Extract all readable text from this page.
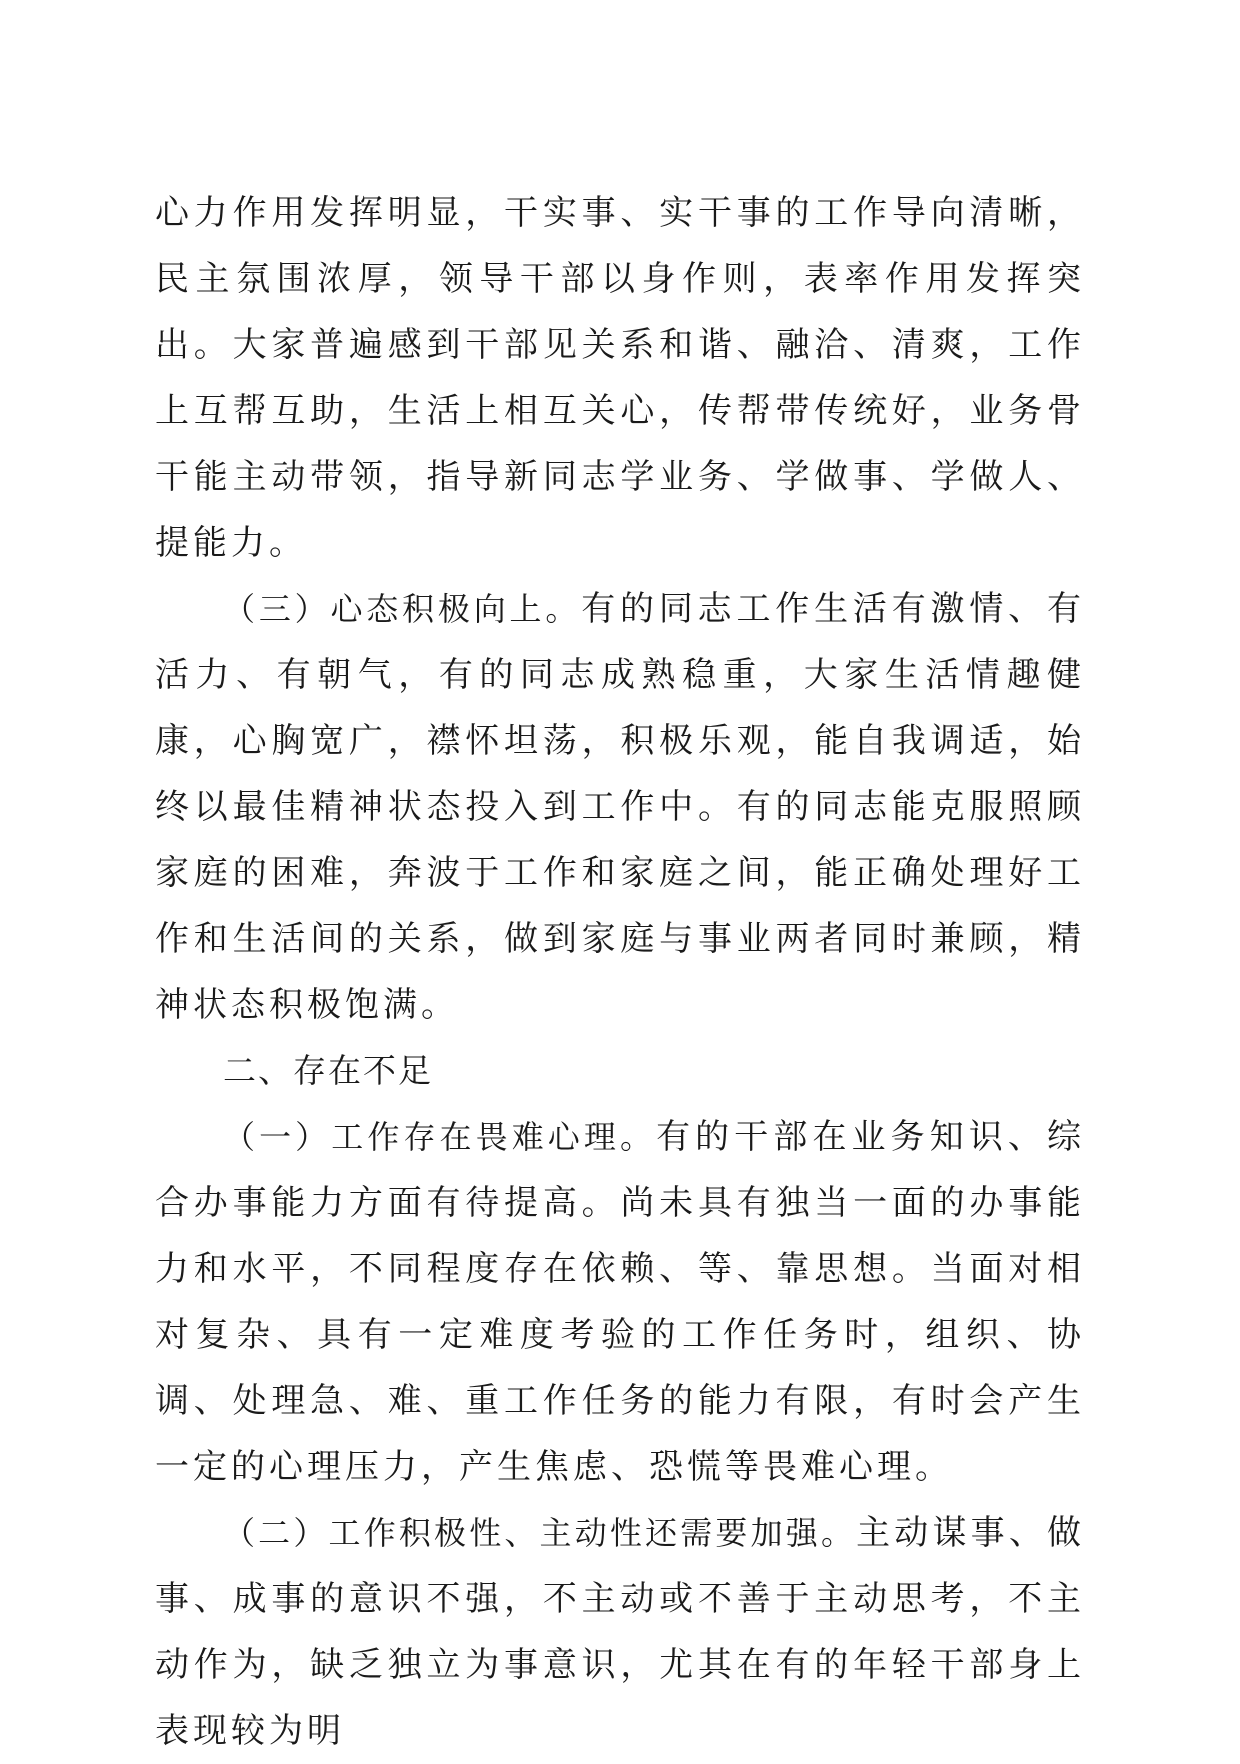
心力作用发挥明显，干实事、实干事的工作导向清晰，民主氛围浓厚，领导干部以身作则，表率作用发挥突出。大家普遍感到干部见关系和谐、融洽、清爽，工作上互帮互助，生活上相互关心，传帮带传统好，业务骨干能主动带领，指导新同志学业务、学做事、学做人、提能力。

（三）心态积极向上。有的同志工作生活有激情、有活力、有朝气，有的同志成熟稳重，大家生活情趣健康，心胸宽广，襟怀坦荡，积极乐观，能自我调适，始终以最佳精神状态投入到工作中。有的同志能克服照顾家庭的困难，奔波于工作和家庭之间，能正确处理好工作和生活间的关系，做到家庭与事业两者同时兼顾，精神状态积极饱满。

二、存在不足

（一）工作存在畏难心理。有的干部在业务知识、综合办事能力方面有待提高。尚未具有独当一面的办事能力和水平，不同程度存在依赖、等、靠思想。当面对相对复杂、具有一定难度考验的工作任务时，组织、协调、处理急、难、重工作任务的能力有限，有时会产生一定的心理压力，产生焦虑、恐慌等畏难心理。

（二）工作积极性、主动性还需要加强。主动谋事、做事、成事的意识不强，不主动或不善于主动思考，不主动作为，缺乏独立为事意识，尤其在有的年轻干部身上表现较为明
